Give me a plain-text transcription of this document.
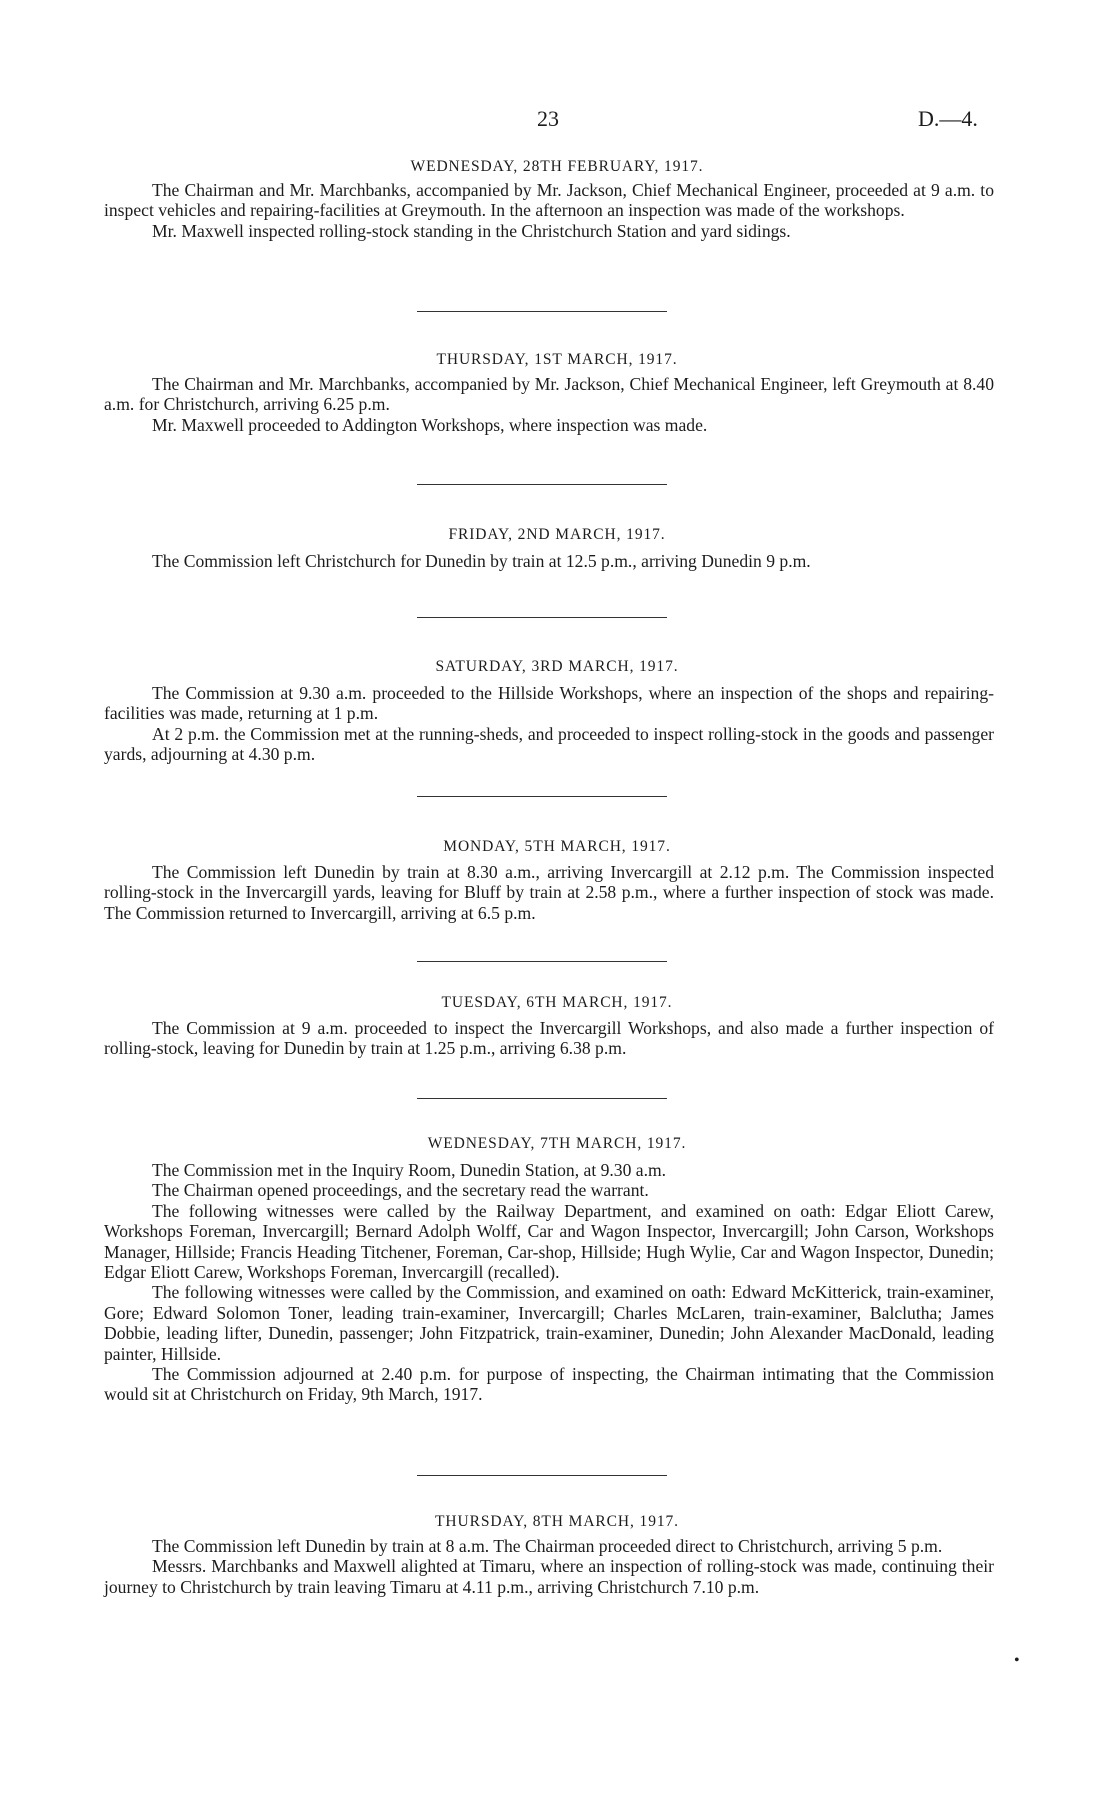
23	D.—4.
WEDNESDAY, 28TH FEBRUARY, 1917.

The Chairman and Mr. Marchbanks, accompanied by Mr. Jackson, Chief Mechanical Engineer, proceeded at 9 a.m. to inspect vehicles and repairing-facilities at Greymouth. In the afternoon an inspection was made of the workshops.

Mr. Maxwell inspected rolling-stock standing in the Christchurch Station and yard sidings.

THURSDAY, 1ST MARCH, 1917.

The Chairman and Mr. Marchbanks, accompanied by Mr. Jackson, Chief Mechanical Engineer, left Greymouth at 8.40 a.m. for Christchurch, arriving 6.25 p.m.

Mr. Maxwell proceeded to Addington Workshops, where inspection was made.

FRIDAY, 2ND MARCH, 1917.

The Commission left Christchurch for Dunedin by train at 12.5 p.m., arriving Dunedin 9 p.m.

SATURDAY, 3RD MARCH, 1917.

The Commission at 9.30 a.m. proceeded to the Hillside Workshops, where an inspection of the shops and repairing-facilities was made, returning at 1 p.m.

At 2 p.m. the Commission met at the running-sheds, and proceeded to inspect rolling-stock in the goods and passenger yards, adjourning at 4.30 p.m.

MONDAY, 5TH MARCH, 1917.

The Commission left Dunedin by train at 8.30 a.m., arriving Invercargill at 2.12 p.m. The Commission inspected rolling-stock in the Invercargill yards, leaving for Bluff by train at 2.58 p.m., where a further inspection of stock was made. The Commission returned to Invercargill, arriving at 6.5 p.m.

TUESDAY, 6TH MARCH, 1917.

The Commission at 9 a.m. proceeded to inspect the Invercargill Workshops, and also made a further inspection of rolling-stock, leaving for Dunedin by train at 1.25 p.m., arriving 6.38 p.m.

WEDNESDAY, 7TH MARCH, 1917.

The Commission met in the Inquiry Room, Dunedin Station, at 9.30 a.m.

The Chairman opened proceedings, and the secretary read the warrant.

The following witnesses were called by the Railway Department, and examined on oath: Edgar Eliott Carew, Workshops Foreman, Invercargill; Bernard Adolph Wolff, Car and Wagon Inspector, Invercargill; John Carson, Workshops Manager, Hillside; Francis Heading Titchener, Foreman, Car-shop, Hillside; Hugh Wylie, Car and Wagon Inspector, Dunedin; Edgar Eliott Carew, Workshops Foreman, Invercargill (recalled).

The following witnesses were called by the Commission, and examined on oath: Edward McKitterick, train-examiner, Gore; Edward Solomon Toner, leading train-examiner, Invercargill; Charles McLaren, train-examiner, Balclutha; James Dobbie, leading lifter, Dunedin, passenger; John Fitzpatrick, train-examiner, Dunedin; John Alexander MacDonald, leading painter, Hillside.

The Commission adjourned at 2.40 p.m. for purpose of inspecting, the Chairman intimating that the Commission would sit at Christchurch on Friday, 9th March, 1917.

THURSDAY, 8TH MARCH, 1917.

The Commission left Dunedin by train at 8 a.m. The Chairman proceeded direct to Christchurch, arriving 5 p.m.

Messrs. Marchbanks and Maxwell alighted at Timaru, where an inspection of rolling-stock was made, continuing their journey to Christchurch by train leaving Timaru at 4.11 p.m., arriving Christchurch 7.10 p.m.

•
